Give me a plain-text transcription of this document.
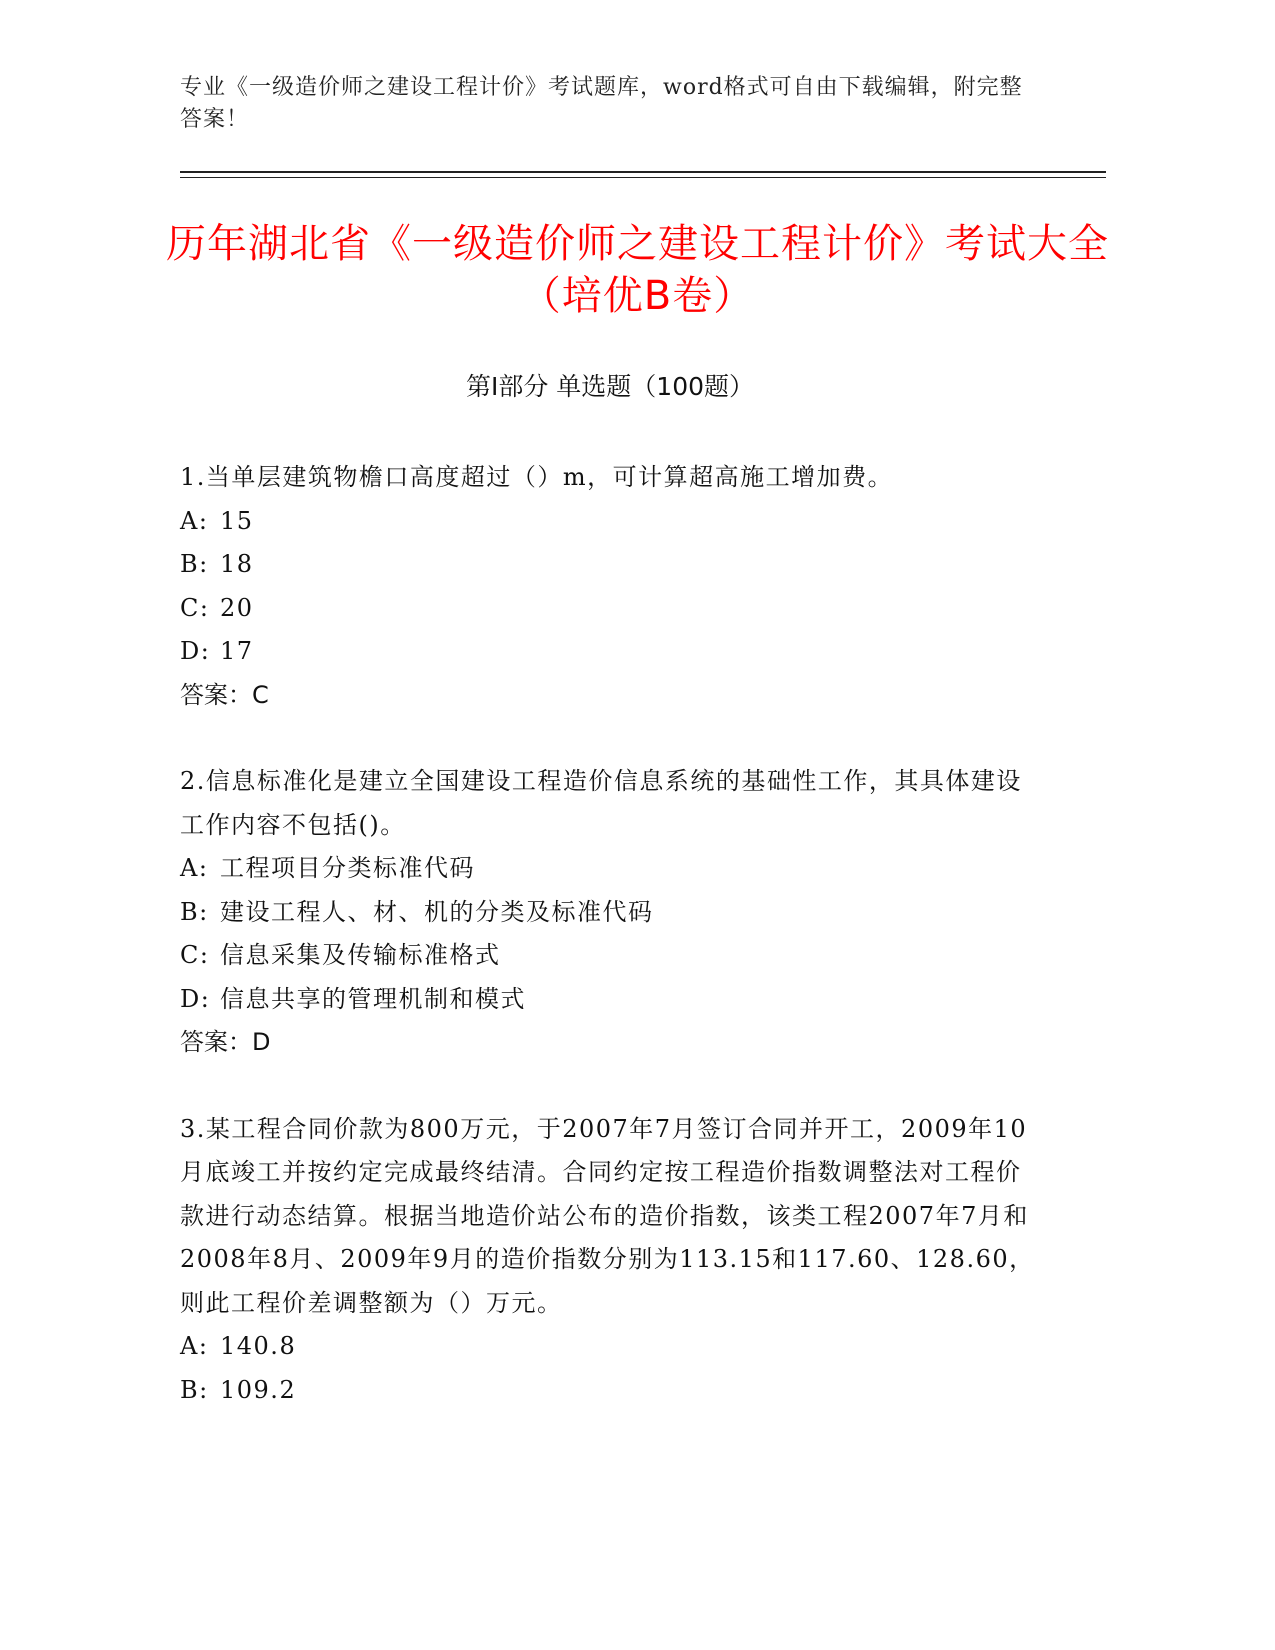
专业《一级造价师之建设工程计价》考试题库，word格式可自由下载编辑，附完整答案！
历年湖北省《一级造价师之建设工程计价》考试大全（培优B卷）
第I部分 单选题（100题）
1.当单层建筑物檐口高度超过（）m，可计算超高施工增加费。
A: 15
B: 18
C: 20
D: 17
答案：C
2.信息标准化是建立全国建设工程造价信息系统的基础性工作，其具体建设工作内容不包括()。
A: 工程项目分类标准代码
B: 建设工程人、材、机的分类及标准代码
C: 信息采集及传输标准格式
D: 信息共享的管理机制和模式
答案：D
3.某工程合同价款为800万元，于2007年7月签订合同并开工，2009年10月底竣工并按约定完成最终结清。合同约定按工程造价指数调整法对工程价款进行动态结算。根据当地造价站公布的造价指数，该类工程2007年7月和2008年8月、2009年9月的造价指数分别为113.15和117.60、128.60，则此工程价差调整额为（）万元。
A: 140.8
B: 109.2
